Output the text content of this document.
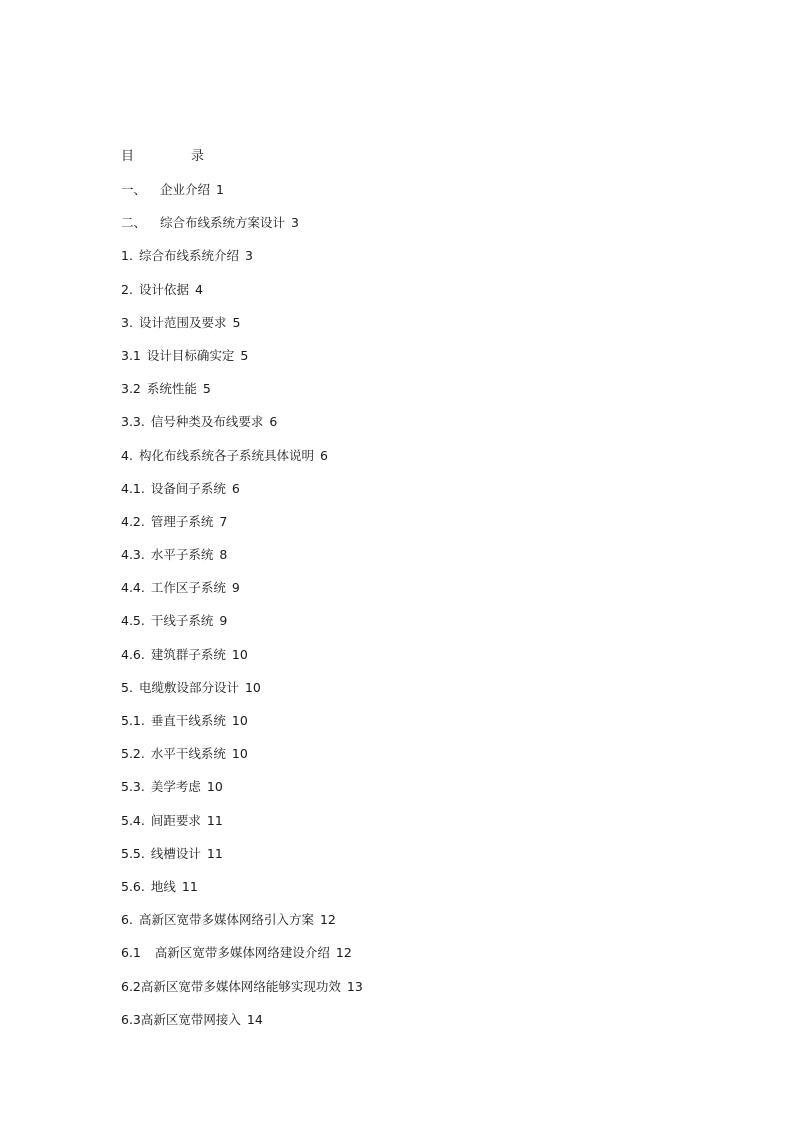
目	录
一、 企业介绍 1
二、 综合布线系统方案设计 3
1. 综合布线系统介绍 3
2. 设计依据 4
3. 设计范围及要求 5
3.1 设计目标确实定 5
3.2 系统性能 5
3.3. 信号种类及布线要求 6
4. 构化布线系统各子系统具体说明 6
4.1. 设备间子系统 6
4.2. 管理子系统 7
4.3. 水平子系统 8
4.4. 工作区子系统 9
4.5. 干线子系统 9
4.6. 建筑群子系统 10
5. 电缆敷设部分设计 10
5.1. 垂直干线系统 10
5.2. 水平干线系统 10
5.3. 美学考虑 10
5.4. 间距要求 11
5.5. 线槽设计 11
5.6. 地线 11
6. 高新区宽带多媒体网络引入方案 12
6.1 高新区宽带多媒体网络建设介绍 12
6.2高新区宽带多媒体网络能够实现功效 13
6.3高新区宽带网接入 14
